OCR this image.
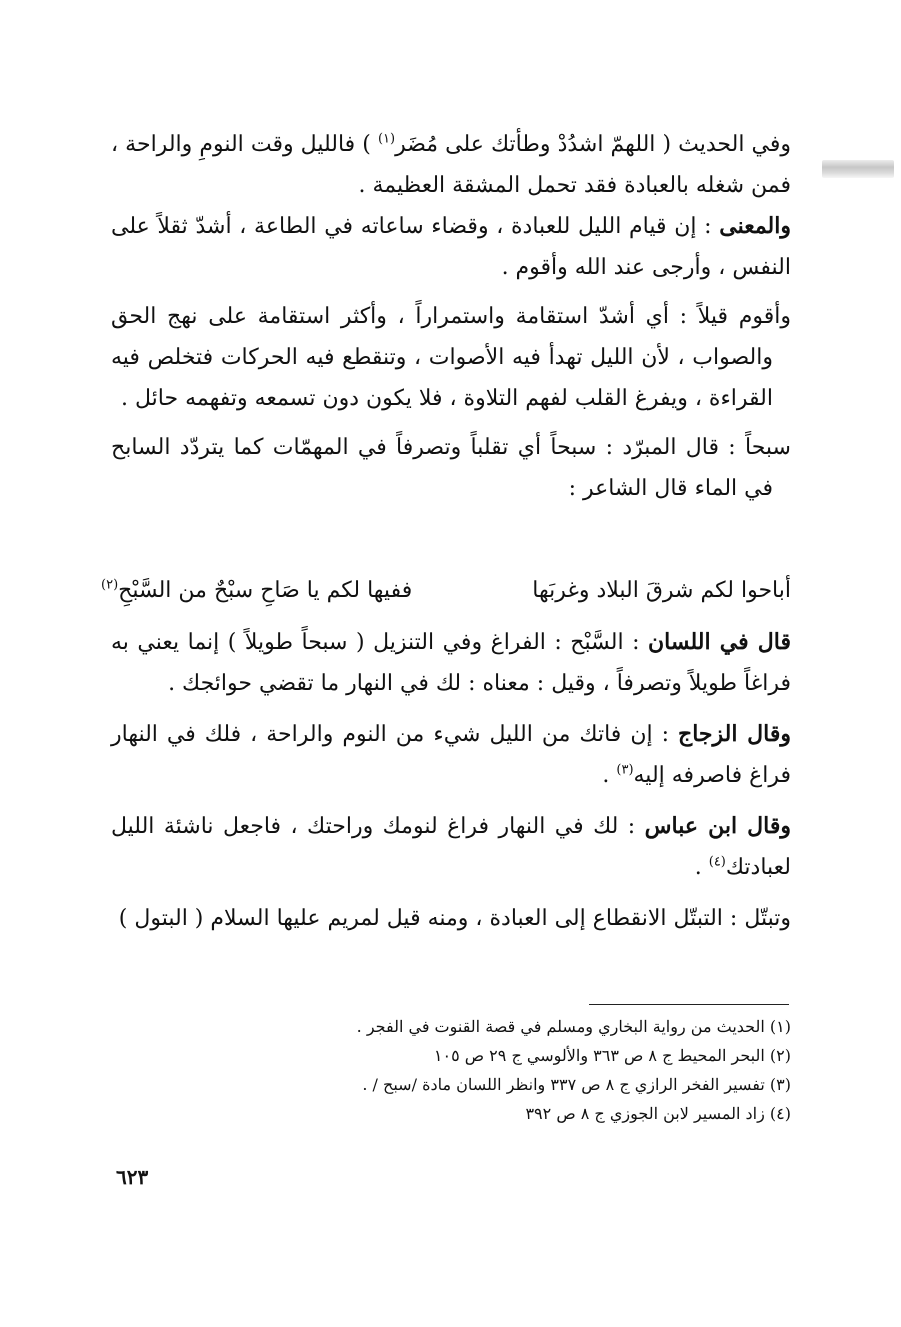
وفي الحديث ( اللهمّ اشدُدْ وطأتك على مُضَر$^{(١)}$ ) فالليل وقت النومِ والراحة ، فمن شغله بالعبادة فقد تحمل المشقة العظيمة .

والمعنى : إن قيام الليل للعبادة ، وقضاء ساعاته في الطاعة ، أشدّ ثقلاً على النفس ، وأرجى عند الله وأقوم .

وأقوم قيلاً : أي أشدّ استقامة واستمراراً ، وأكثر استقامة على نهج الحق والصواب ، لأن الليل تهدأ فيه الأصوات ، وتنقطع فيه الحركات فتخلص فيه القراءة ، ويفرغ القلب لفهم التلاوة ، فلا يكون دون تسمعه وتفهمه حائل .

سبحاً : قال المبرّد : سبحاً أي تقلباً وتصرفاً في المهمّات كما يتردّد السابح في الماء قال الشاعر :

أباحوا لكم شرقَ البلاد وغربَها
ففيها لكم يا صَاحِ سبْحٌ من السَّبْحِ$^{(٢)}$

قال في اللسان : السَّبْح : الفراغ وفي التنزيل ( سبحاً طويلاً ) إنما يعني به فراغاً طويلاً وتصرفاً ، وقيل : معناه : لك في النهار ما تقضي حوائجك .

وقال الزجاج : إن فاتك من الليل شيء من النوم والراحة ، فلك في النهار فراغ فاصرفه إليه$^{(٣)}$ .

وقال ابن عباس : لك في النهار فراغ لنومك وراحتك ، فاجعل ناشئة الليل لعبادتك$^{(٤)}$ .

وتبتّل : التبتّل الانقطاع إلى العبادة ، ومنه قيل لمريم عليها السلام ( البتول )

(١) الحديث من رواية البخاري ومسلم في قصة القنوت في الفجر .

(٢) البحر المحيط ج ٨ ص ٣٦٣ والألوسي ج ٢٩ ص ١٠٥

(٣) تفسير الفخر الرازي ج ٨ ص ٣٣٧ وانظر اللسان مادة /سبح / .

(٤) زاد المسير لابن الجوزي ج ٨ ص ٣٩٢

٦٢٣
